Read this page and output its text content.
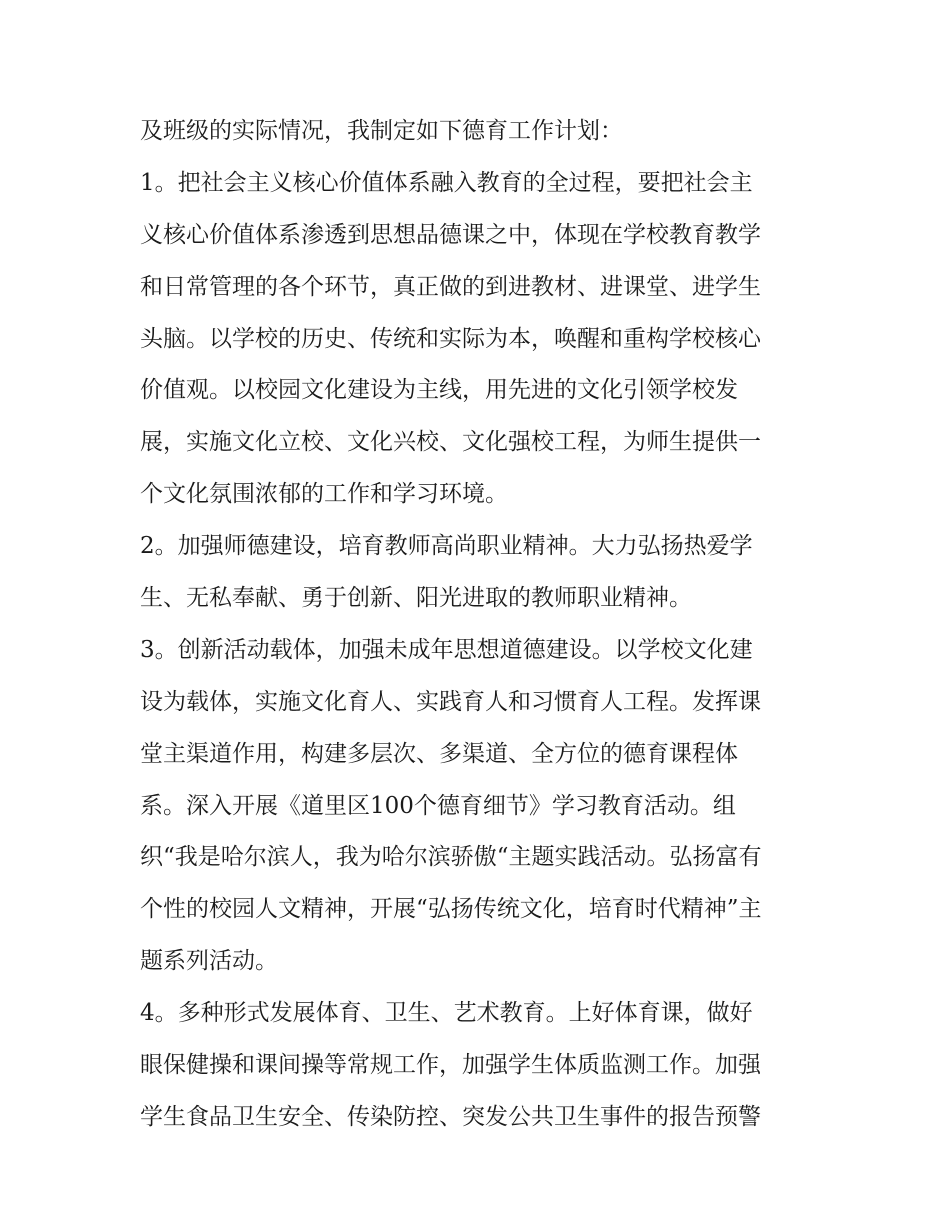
及班级的实际情况，我制定如下德育工作计划：
1。把社会主义核心价值体系融入教育的全过程，要把社会主
义核心价值体系渗透到思想品德课之中，体现在学校教育教学
和日常管理的各个环节，真正做的到进教材、进课堂、进学生
头脑。以学校的历史、传统和实际为本，唤醒和重构学校核心
价值观。以校园文化建设为主线，用先进的文化引领学校发
展，实施文化立校、文化兴校、文化强校工程，为师生提供一
个文化氛围浓郁的工作和学习环境。
2。加强师德建设，培育教师高尚职业精神。大力弘扬热爱学
生、无私奉献、勇于创新、阳光进取的教师职业精神。
3。创新活动载体，加强未成年思想道德建设。以学校文化建
设为载体，实施文化育人、实践育人和习惯育人工程。发挥课
堂主渠道作用，构建多层次、多渠道、全方位的德育课程体
系。深入开展《道里区100个德育细节》学习教育活动。组
织“我是哈尔滨人，我为哈尔滨骄傲“主题实践活动。弘扬富有
个性的校园人文精神，开展“弘扬传统文化，培育时代精神”主
题系列活动。
4。多种形式发展体育、卫生、艺术教育。上好体育课，做好
眼保健操和课间操等常规工作，加强学生体质监测工作。加强
学生食品卫生安全、传染防控、突发公共卫生事件的报告预警
